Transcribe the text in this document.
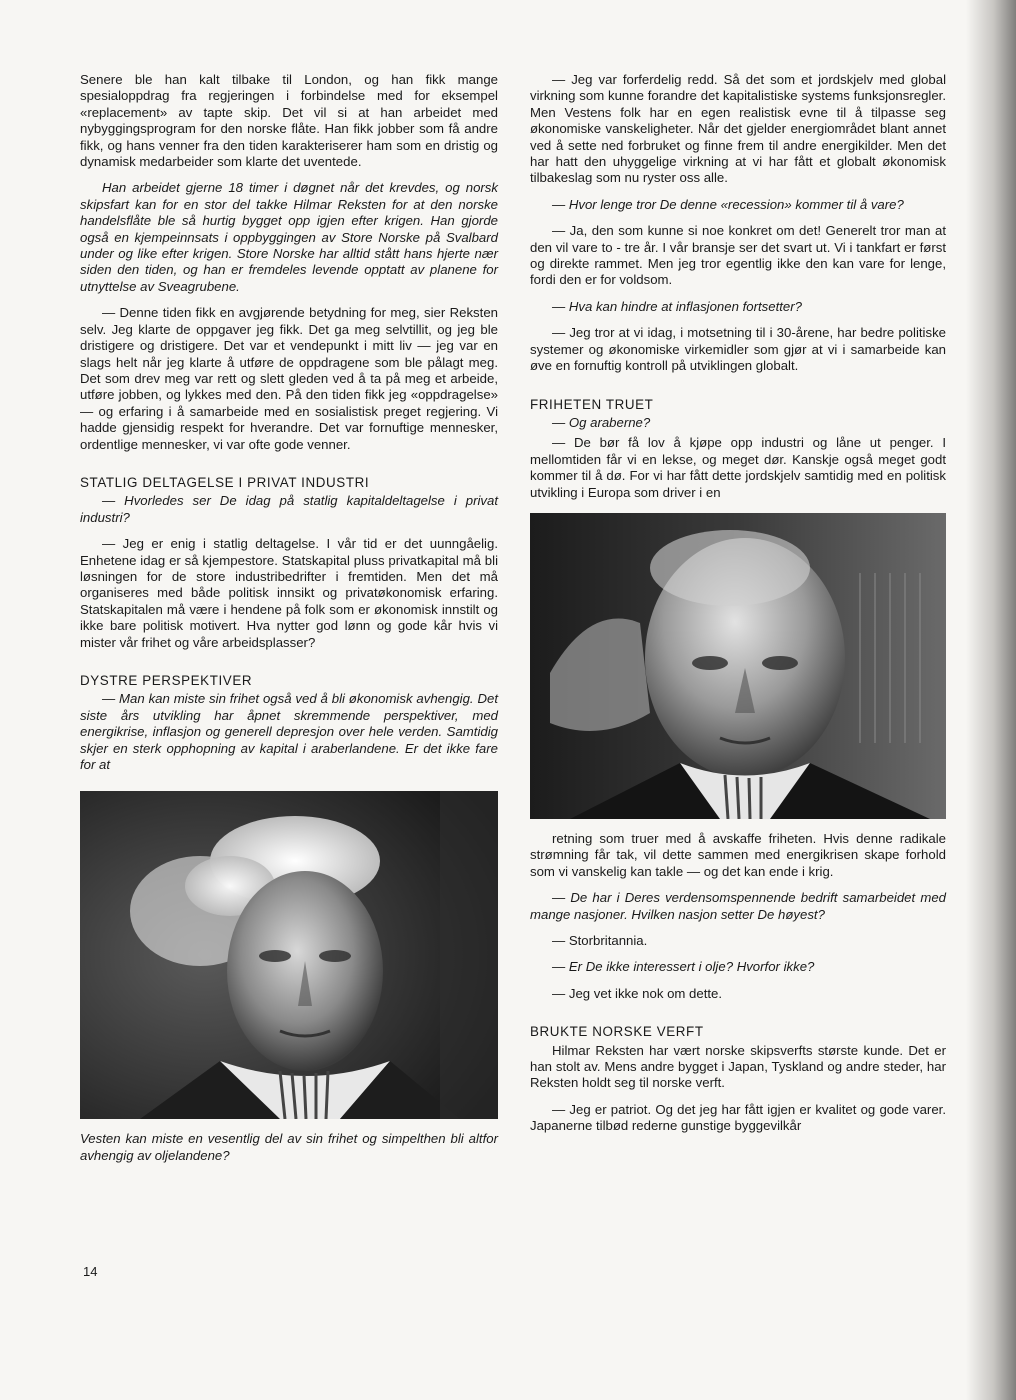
Senere ble han kalt tilbake til London, og han fikk mange spesialoppdrag fra regjeringen i forbindelse med for eksempel «replacement» av tapte skip. Det vil si at han arbeidet med nybyggingsprogram for den norske flåte. Han fikk jobber som få andre fikk, og hans venner fra den tiden karakteriserer ham som en dristig og dynamisk medarbeider som klarte det uventede.

Han arbeidet gjerne 18 timer i døgnet når det krevdes, og norsk skipsfart kan for en stor del takke Hilmar Reksten for at den norske handelsflåte ble så hurtig bygget opp igjen efter krigen. Han gjorde også en kjempeinnsats i oppbyggingen av Store Norske på Svalbard under og like efter krigen. Store Norske har alltid stått hans hjerte nær siden den tiden, og han er fremdeles levende opptatt av planene for utnyttelse av Sveagrubene.

— Denne tiden fikk en avgjørende betydning for meg, sier Reksten selv. Jeg klarte de oppgaver jeg fikk. Det ga meg selvtillit, og jeg ble dristigere og dristigere. Det var et vendepunkt i mitt liv — jeg var en slags helt når jeg klarte å utføre de oppdragene som ble pålagt meg. Det som drev meg var rett og slett gleden ved å ta på meg et arbeide, utføre jobben, og lykkes med den. På den tiden fikk jeg «oppdragelse» — og erfaring i å samarbeide med en sosialistisk preget regjering. Vi hadde gjensidig respekt for hverandre. Det var fornuftige mennesker, ordentlige mennesker, vi var ofte gode venner.

STATLIG DELTAGELSE I PRIVAT INDUSTRI

— Hvorledes ser De idag på statlig kapitaldeltagelse i privat industri?

— Jeg er enig i statlig deltagelse. I vår tid er det uunngåelig. Enhetene idag er så kjempestore. Statskapital pluss privatkapital må bli løsningen for de store industribedrifter i fremtiden. Men det må organiseres med både politisk innsikt og privatøkonomisk erfaring. Statskapitalen må være i hendene på folk som er økonomisk innstilt og ikke bare politisk motivert. Hva nytter god lønn og gode kår hvis vi mister vår frihet og våre arbeidsplasser?

DYSTRE PERSPEKTIVER

— Man kan miste sin frihet også ved å bli økonomisk avhengig. Det siste års utvikling har åpnet skremmende perspektiver, med energikrise, inflasjon og generell depresjon over hele verden. Samtidig skjer en sterk opphopning av kapital i araberlandene. Er det ikke fare for at

Vesten kan miste en vesentlig del av sin frihet og simpelthen bli altfor avhengig av oljelandene?

— Jeg var forferdelig redd. Så det som et jordskjelv med global virkning som kunne forandre det kapitalistiske systems funksjonsregler. Men Vestens folk har en egen realistisk evne til å tilpasse seg økonomiske vanskeligheter. Når det gjelder energiområdet blant annet ved å sette ned forbruket og finne frem til andre energikilder. Men det har hatt den uhyggelige virkning at vi har fått et globalt økonomisk tilbakeslag som nu ryster oss alle.

— Hvor lenge tror De denne «recession» kommer til å vare?

— Ja, den som kunne si noe konkret om det! Generelt tror man at den vil vare to - tre år. I vår bransje ser det svart ut. Vi i tankfart er først og direkte rammet. Men jeg tror egentlig ikke den kan vare for lenge, fordi den er for voldsom.

— Hva kan hindre at inflasjonen fortsetter?

— Jeg tror at vi idag, i motsetning til i 30-årene, har bedre politiske systemer og økonomiske virkemidler som gjør at vi i samarbeide kan øve en fornuftig kontroll på utviklingen globalt.

FRIHETEN TRUET

— Og araberne?

— De bør få lov å kjøpe opp industri og låne ut penger. I mellomtiden får vi en lekse, og meget dør. Kanskje også meget godt kommer til å dø. For vi har fått dette jordskjelv samtidig med en politisk utvikling i Europa som driver i en

retning som truer med å avskaffe friheten. Hvis denne radikale strømning får tak, vil dette sammen med energikrisen skape forhold som vi vanskelig kan takle — og det kan ende i krig.

— De har i Deres verdensomspennende bedrift samarbeidet med mange nasjoner. Hvilken nasjon setter De høyest?

— Storbritannia.

— Er De ikke interessert i olje? Hvorfor ikke?

— Jeg vet ikke nok om dette.

BRUKTE NORSKE VERFT

Hilmar Reksten har vært norske skipsverfts største kunde. Det er han stolt av. Mens andre bygget i Japan, Tyskland og andre steder, har Reksten holdt seg til norske verft.

— Jeg er patriot. Og det jeg har fått igjen er kvalitet og gode varer. Japanerne tilbød rederne gunstige byggevilkår

14
